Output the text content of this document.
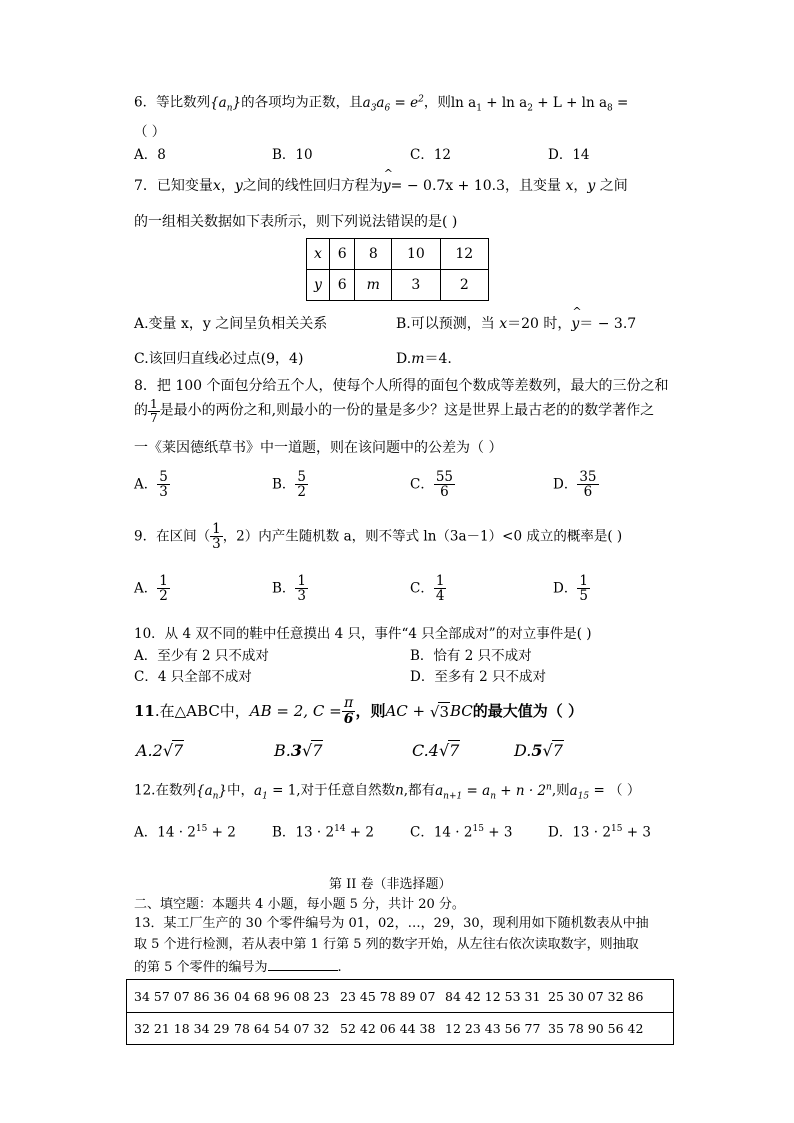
6．等比数列$\{a_n\}$的各项均为正数，且$a_3a_6 = e^2$，则$\ln a_1 + \ln a_2 + L + \ln a_8$ =
（ ）
A．8	B．10	C．12	D．14
7．已知变量x，y之间的线性回归方程为^ y= − 0.7x + 10.3，且变量 x，y 之间
的一组相关数据如下表所示，则下列说法错误的是( )
x	6	8	10	12
y	6	m	3	2
A.变量 x，y 之间呈负相关关系	B.可以预测，当 x＝20 时，^ y＝ − 3.7
C.该回归直线必过点(9，4)	D.m＝4.
8．把 100 个面包分给五个人，使每个人所得的面包个数成等差数列，最大的三份之和
的 $\frac{1}{7}$ 是最小的两份之和,则最小的一份的量是多少？这是世界上最古老的的数学著作之
一《莱因德纸草书》中一道题，则在该问题中的公差为（ ）
A． $\frac{5}{3}$	B． $\frac{5}{2}$	C． $\frac{55}{6}$	D． $\frac{35}{6}$
9．在区间（ $\frac{1}{3}$ ，2）内产生随机数 a，则不等式 ln（3a－1）<0 成立的概率是( )
A． $\frac{1}{2}$	B． $\frac{1}{3}$	C． $\frac{1}{4}$	D． $\frac{1}{5}$
10．从 4 双不同的鞋中任意摸出 4 只，事件“4 只全部成对”的对立事件是( )
A．至少有 2 只不成对	B．恰有 2 只不成对
C．4 只全部不成对	D．至多有 2 只不成对
11.在△ABC中，AB = 2, $C = \frac{\pi}{6}$ ，则AC + √3BC的最大值为（ ）
A.2√7	B.3√7	C.4√7	D.5√7
12.在数列$\{a_n\}$中，$a_1 = 1$,对于任意自然数n,都有$a_{n+1} = a_n + n \cdot 2^n$,则$a_{15}$ = （ ）
A．$14 \cdot 2^{15} + 2$	B．$13 \cdot 2^{14} + 2$	C．$14 \cdot 2^{15} + 3$	D．$13 \cdot 2^{15} + 3$
第 II 卷（非选择题）
二、填空题：本题共 4 小题，每小题 5 分，共计 20 分。
13．某工厂生产的 30 个零件编号为 01，02，…，29，30，现利用如下随机数表从中抽
取 5 个进行检测，若从表中第 1 行第 5 列的数字开始，从左往右依次读取数字，则抽取
的第 5 个零件的编号为	.
34 57 07 86 36 04 68 96 08 23 23 45 78 89 07 84 42 12 53 31 25 30 07 32 86
32 21 18 34 29 78 64 54 07 32 52 42 06 44 38 12 23 43 56 77 35 78 90 56 42
